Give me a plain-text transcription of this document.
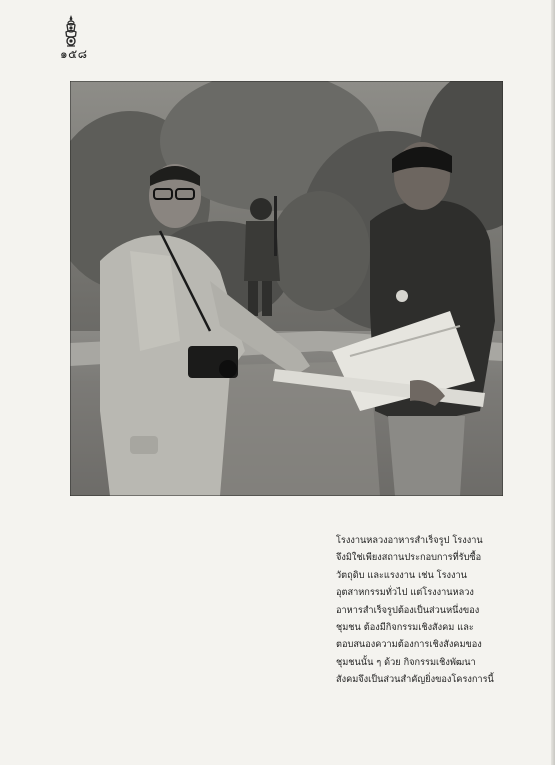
๑๕๘
โรงงานหลวงอาหารสำเร็จรูป โรงงาน
จึงมิใช่เพียงสถานประกอบการที่รับซื้อ
วัตถุดิบ และแรงงาน เช่น โรงงาน
อุตสาหกรรมทั่วไป แต่โรงงานหลวง
อาหารสำเร็จรูปต้องเป็นส่วนหนึ่งของ
ชุมชน ต้องมีกิจกรรมเชิงสังคม และ
ตอบสนองความต้องการเชิงสังคมของ
ชุมชนนั้น ๆ ด้วย กิจกรรมเชิงพัฒนา
สังคมจึงเป็นส่วนสำคัญยิ่งของโครงการนี้
